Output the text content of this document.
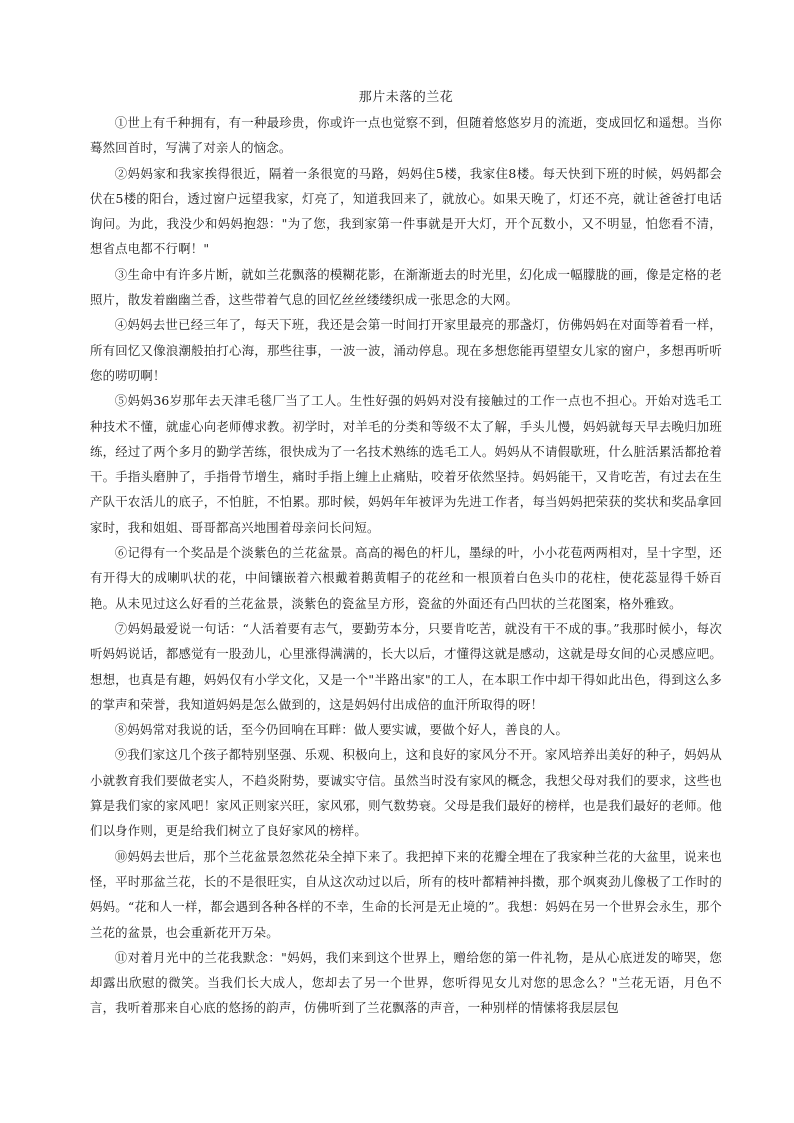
那片未落的兰花

①世上有千种拥有，有一种最珍贵，你或许一点也觉察不到，但随着悠悠岁月的流逝，变成回忆和遥想。当你蓦然回首时，写满了对亲人的恼念。

②妈妈家和我家挨得很近，隔着一条很宽的马路，妈妈住5楼，我家住8楼。每天快到下班的时候，妈妈都会伏在5楼的阳台，透过窗户远望我家，灯亮了，知道我回来了，就放心。如果天晚了，灯还不亮，就让爸爸打电话询问。为此，我没少和妈妈抱怨："为了您，我到家第一件事就是开大灯，开个瓦数小，又不明显，怕您看不清，想省点电都不行啊！"

③生命中有许多片断，就如兰花飘落的模糊花影，在渐渐逝去的时光里，幻化成一幅朦胧的画，像是定格的老照片，散发着幽幽兰香，这些带着气息的回忆丝丝缕缕织成一张思念的大网。

④妈妈去世已经三年了，每天下班，我还是会第一时间打开家里最亮的那盏灯，仿佛妈妈在对面等着看一样，所有回忆又像浪潮般拍打心海，那些往事，一波一波，涌动停息。现在多想您能再望望女儿家的窗户，多想再听听您的唠叨啊！

⑤妈妈36岁那年去天津毛毯厂当了工人。生性好强的妈妈对没有接触过的工作一点也不担心。开始对选毛工种技术不懂，就虚心向老师傅求教。初学时，对羊毛的分类和等级不太了解，手头儿慢，妈妈就每天早去晚归加班练，经过了两个多月的勤学苦练，很快成为了一名技术熟练的选毛工人。妈妈从不请假歇班，什么脏活累活都抢着干。手指头磨肿了，手指骨节增生，痛时手指上缠上止痛贴，咬着牙依然坚持。妈妈能干，又肯吃苦，有过去在生产队干农活儿的底子，不怕脏，不怕累。那时候，妈妈年年被评为先进工作者，每当妈妈把荣获的奖状和奖品拿回家时，我和姐姐、哥哥都高兴地围着母亲问长问短。

⑥记得有一个奖品是个淡紫色的兰花盆景。高高的褐色的杆儿，墨绿的叶，小小花苞两两相对，呈十字型，还有开得大的成喇叭状的花，中间镶嵌着六根戴着鹅黄帽子的花丝和一根顶着白色头巾的花柱，使花蕊显得千娇百艳。从未见过这么好看的兰花盆景，淡紫色的瓷盆呈方形，瓷盆的外面还有凸凹状的兰花图案，格外雅致。

⑦妈妈最爱说一句话：“人活着要有志气，要勤劳本分，只要肯吃苦，就没有干不成的事。”我那时候小，每次听妈妈说话，都感觉有一股劲儿，心里涨得满满的，长大以后，才懂得这就是感动，这就是母女间的心灵感应吧。想想，也真是有趣，妈妈仅有小学文化，又是一个"半路出家"的工人，在本职工作中却干得如此出色，得到这么多的掌声和荣誉，我知道妈妈是怎么做到的，这是妈妈付出成倍的血汗所取得的呀！

⑧妈妈常对我说的话，至今仍回响在耳畔：做人要实诚，要做个好人，善良的人。

⑨我们家这几个孩子都特别坚强、乐观、积极向上，这和良好的家风分不开。家风培养出美好的种子，妈妈从小就教育我们要做老实人，不趋炎附势，要诚实守信。虽然当时没有家风的概念，我想父母对我们的要求，这些也算是我们家的家风吧！家风正则家兴旺，家风邪，则气数势衰。父母是我们最好的榜样，也是我们最好的老师。他们以身作则，更是给我们树立了良好家风的榜样。

⑩妈妈去世后，那个兰花盆景忽然花朵全掉下来了。我把掉下来的花瓣全埋在了我家种兰花的大盆里，说来也怪，平时那盆兰花，长的不是很旺实，自从这次动过以后，所有的枝叶都精神抖擞，那个飒爽劲儿像极了工作时的妈妈。“花和人一样，都会遇到各种各样的不幸，生命的长河是无止境的”。我想：妈妈在另一个世界会永生，那个兰花的盆景，也会重新花开万朵。

⑪对着月光中的兰花我默念："妈妈，我们来到这个世界上，赠给您的第一件礼物，是从心底迸发的啼哭，您却露出欣慰的微笑。当我们长大成人，您却去了另一个世界，您听得见女儿对您的思念么？"兰花无语，月色不言，我听着那来自心底的悠扬的韵声，仿佛听到了兰花飘落的声音，一种别样的情愫将我层层包
